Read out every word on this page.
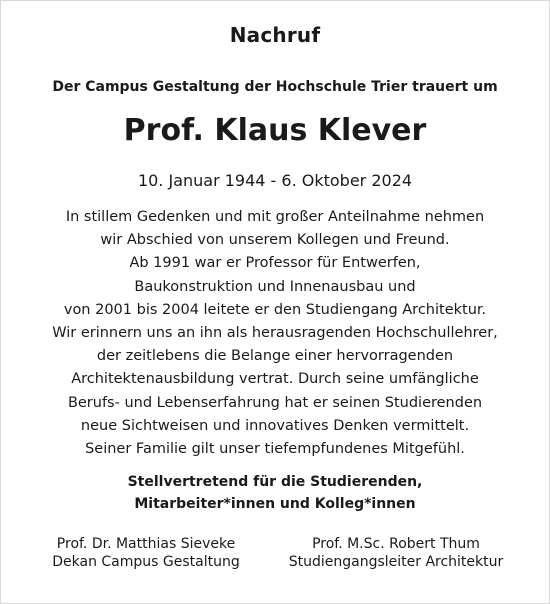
Nachruf
Der Campus Gestaltung der Hochschule Trier trauert um
Prof. Klaus Klever
10. Januar 1944 - 6. Oktober 2024
In stillem Gedenken und mit großer Anteilnahme nehmen
wir Abschied von unserem Kollegen und Freund.
Ab 1991 war er Professor für Entwerfen,
Baukonstruktion und Innenausbau und
von 2001 bis 2004 leitete er den Studiengang Architektur.
Wir erinnern uns an ihn als herausragenden Hochschullehrer,
der zeitlebens die Belange einer hervorragenden
Architektenausbildung vertrat. Durch seine umfängliche
Berufs- und Lebenserfahrung hat er seinen Studierenden
neue Sichtweisen und innovatives Denken vermittelt.
Seiner Familie gilt unser tiefempfundenes Mitgefühl.
Stellvertretend für die Studierenden,
Mitarbeiter*innen und Kolleg*innen
Prof. Dr. Matthias Sieveke
Dekan Campus Gestaltung
Prof. M.Sc. Robert Thum
Studiengangsleiter Architektur
